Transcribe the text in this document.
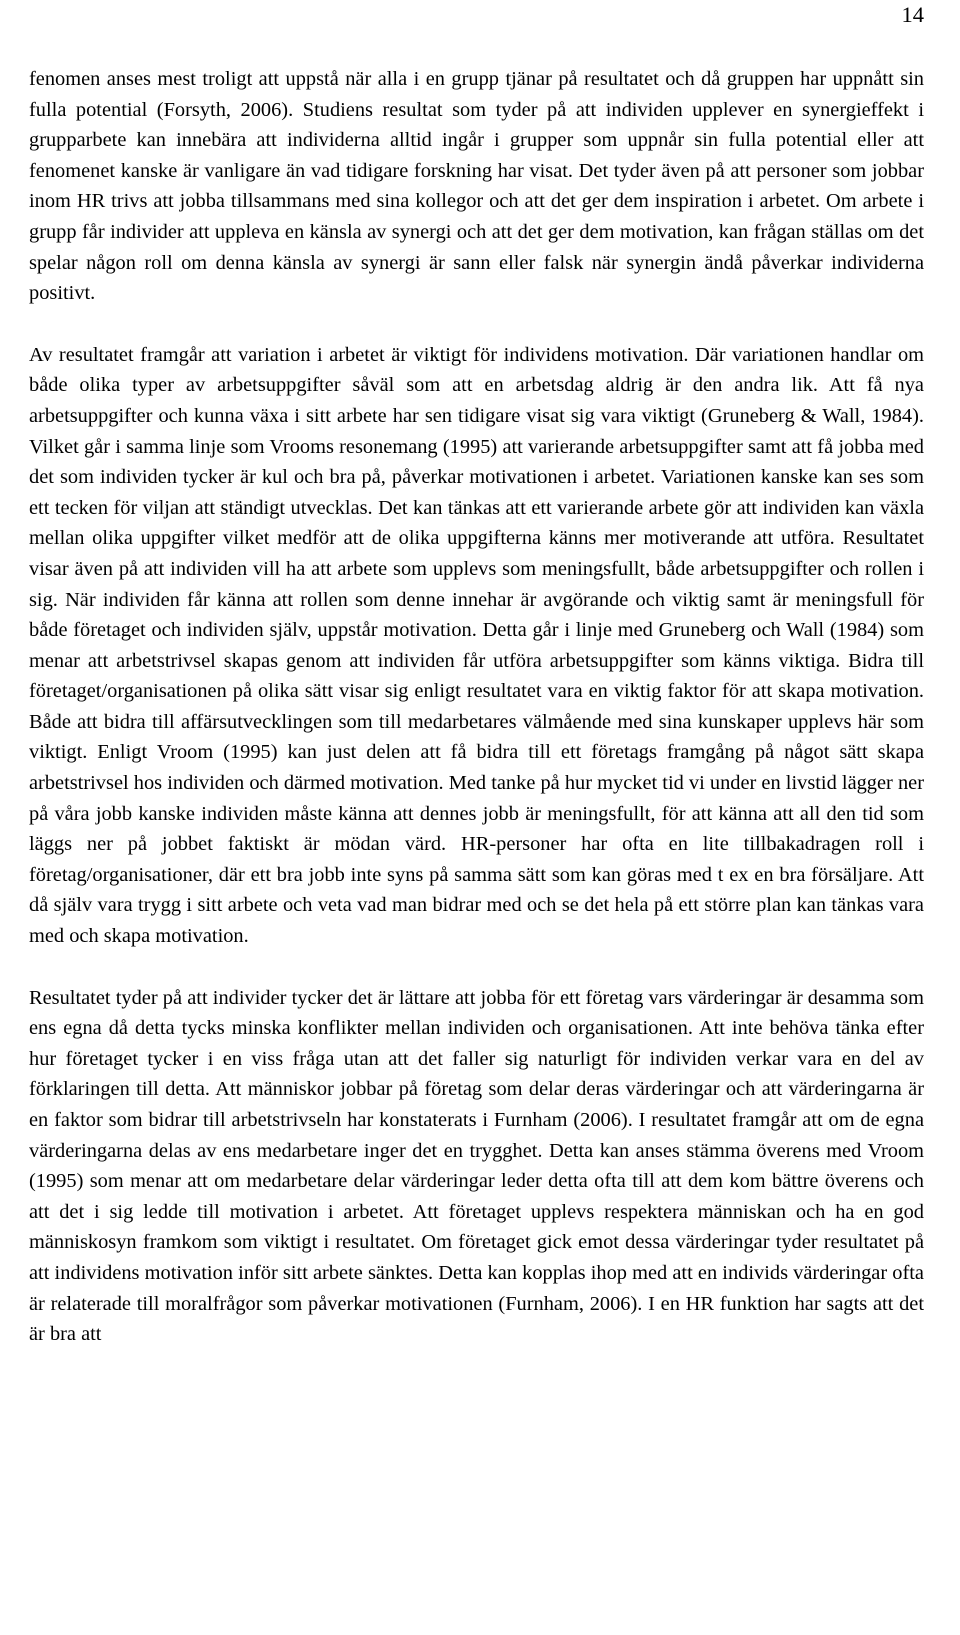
14

fenomen anses mest troligt att uppstå när alla i en grupp tjänar på resultatet och då gruppen har uppnått sin fulla potential (Forsyth, 2006). Studiens resultat som tyder på att individen upplever en synergieffekt i grupparbete kan innebära att individerna alltid ingår i grupper som uppnår sin fulla potential eller att fenomenet kanske är vanligare än vad tidigare forskning har visat. Det tyder även på att personer som jobbar inom HR trivs att jobba tillsammans med sina kollegor och att det ger dem inspiration i arbetet. Om arbete i grupp får individer att uppleva en känsla av synergi och att det ger dem motivation, kan frågan ställas om det spelar någon roll om denna känsla av synergi är sann eller falsk när synergin ändå påverkar individerna positivt.

Av resultatet framgår att variation i arbetet är viktigt för individens motivation. Där variationen handlar om både olika typer av arbetsuppgifter såväl som att en arbetsdag aldrig är den andra lik. Att få nya arbetsuppgifter och kunna växa i sitt arbete har sen tidigare visat sig vara viktigt (Gruneberg & Wall, 1984). Vilket går i samma linje som Vrooms resonemang (1995) att varierande arbetsuppgifter samt att få jobba med det som individen tycker är kul och bra på, påverkar motivationen i arbetet. Variationen kanske kan ses som ett tecken för viljan att ständigt utvecklas. Det kan tänkas att ett varierande arbete gör att individen kan växla mellan olika uppgifter vilket medför att de olika uppgifterna känns mer motiverande att utföra. Resultatet visar även på att individen vill ha att arbete som upplevs som meningsfullt, både arbetsuppgifter och rollen i sig. När individen får känna att rollen som denne innehar är avgörande och viktig samt är meningsfull för både företaget och individen själv, uppstår motivation. Detta går i linje med Gruneberg och Wall (1984) som menar att arbetstrivsel skapas genom att individen får utföra arbetsuppgifter som känns viktiga. Bidra till företaget/organisationen på olika sätt visar sig enligt resultatet vara en viktig faktor för att skapa motivation. Både att bidra till affärsutvecklingen som till medarbetares välmående med sina kunskaper upplevs här som viktigt. Enligt Vroom (1995) kan just delen att få bidra till ett företags framgång på något sätt skapa arbetstrivsel hos individen och därmed motivation. Med tanke på hur mycket tid vi under en livstid lägger ner på våra jobb kanske individen måste känna att dennes jobb är meningsfullt, för att känna att all den tid som läggs ner på jobbet faktiskt är mödan värd. HR-personer har ofta en lite tillbakadragen roll i företag/organisationer, där ett bra jobb inte syns på samma sätt som kan göras med t ex en bra försäljare. Att då själv vara trygg i sitt arbete och veta vad man bidrar med och se det hela på ett större plan kan tänkas vara med och skapa motivation.

Resultatet tyder på att individer tycker det är lättare att jobba för ett företag vars värderingar är desamma som ens egna då detta tycks minska konflikter mellan individen och organisationen. Att inte behöva tänka efter hur företaget tycker i en viss fråga utan att det faller sig naturligt för individen verkar vara en del av förklaringen till detta. Att människor jobbar på företag som delar deras värderingar och att värderingarna är en faktor som bidrar till arbetstrivseln har konstaterats i Furnham (2006). I resultatet framgår att om de egna värderingarna delas av ens medarbetare inger det en trygghet. Detta kan anses stämma överens med Vroom (1995) som menar att om medarbetare delar värderingar leder detta ofta till att dem kom bättre överens och att det i sig ledde till motivation i arbetet. Att företaget upplevs respektera människan och ha en god människosyn framkom som viktigt i resultatet. Om företaget gick emot dessa värderingar tyder resultatet på att individens motivation inför sitt arbete sänktes. Detta kan kopplas ihop med att en individs värderingar ofta är relaterade till moralfrågor som påverkar motivationen (Furnham, 2006). I en HR funktion har sagts att det är bra att
